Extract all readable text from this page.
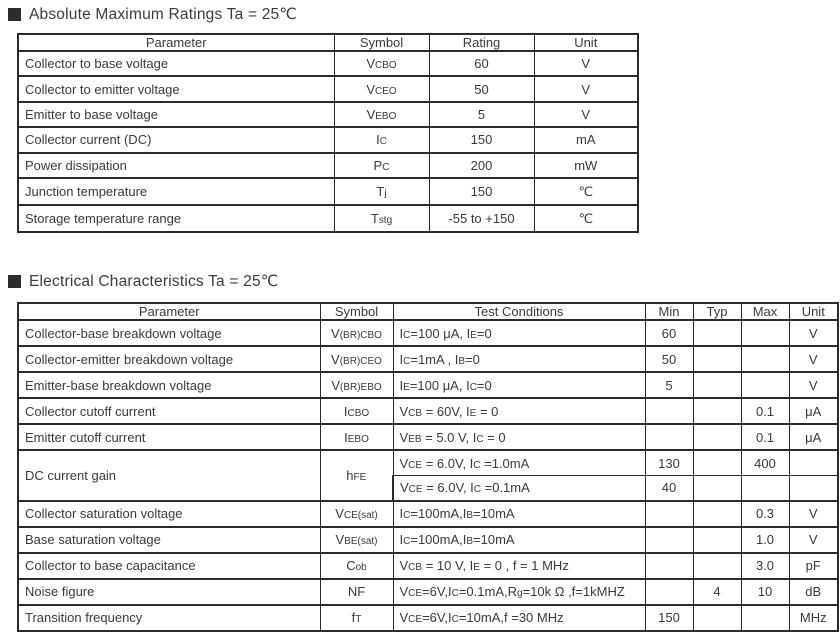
Absolute Maximum Ratings Ta = 25℃
Parameter	Symbol	Rating	Unit
Collector to base voltage	VCBO	60	V
Collector to emitter voltage	VCEO	50	V
Emitter to base voltage	VEBO	5	V
Collector current (DC)	IC	150	mA
Power dissipation	PC	200	mW
Junction temperature	Tj	150	℃
Storage temperature range	Tstg	-55 to +150	℃
Electrical Characteristics Ta = 25℃
Parameter	Symbol	Test Conditions	Min	Typ	Max	Unit
Collector-base breakdown voltage	V(BR)CBO	IC=100 μA, IE=0	60			V
Collector-emitter breakdown voltage	V(BR)CEO	IC=1mA , IB=0	50			V
Emitter-base breakdown voltage	V(BR)EBO	IE=100 μA, IC=0	5			V
Collector cutoff current	ICBO	VCB = 60V, IE = 0			0.1	μA
Emitter cutoff current	IEBO	VEB = 5.0 V, IC = 0			0.1	μA
DC current gain	hFE	VCE = 6.0V, IC =1.0mA	130		400	
		VCE = 6.0V, IC =0.1mA	40			
Collector saturation voltage	VCE(sat)	IC=100mA,IB=10mA			0.3	V
Base saturation voltage	VBE(sat)	IC=100mA,IB=10mA			1.0	V
Collector to base capacitance	Cob	VCB = 10 V, IE = 0 , f = 1 MHz			3.0	pF
Noise figure	NF	VCE=6V,IC=0.1mA,Rg=10k Ω ,f=1kMHZ		4	10	dB
Transition frequency	fT	VCE=6V,IC=10mA,f =30 MHz	150			MHz
